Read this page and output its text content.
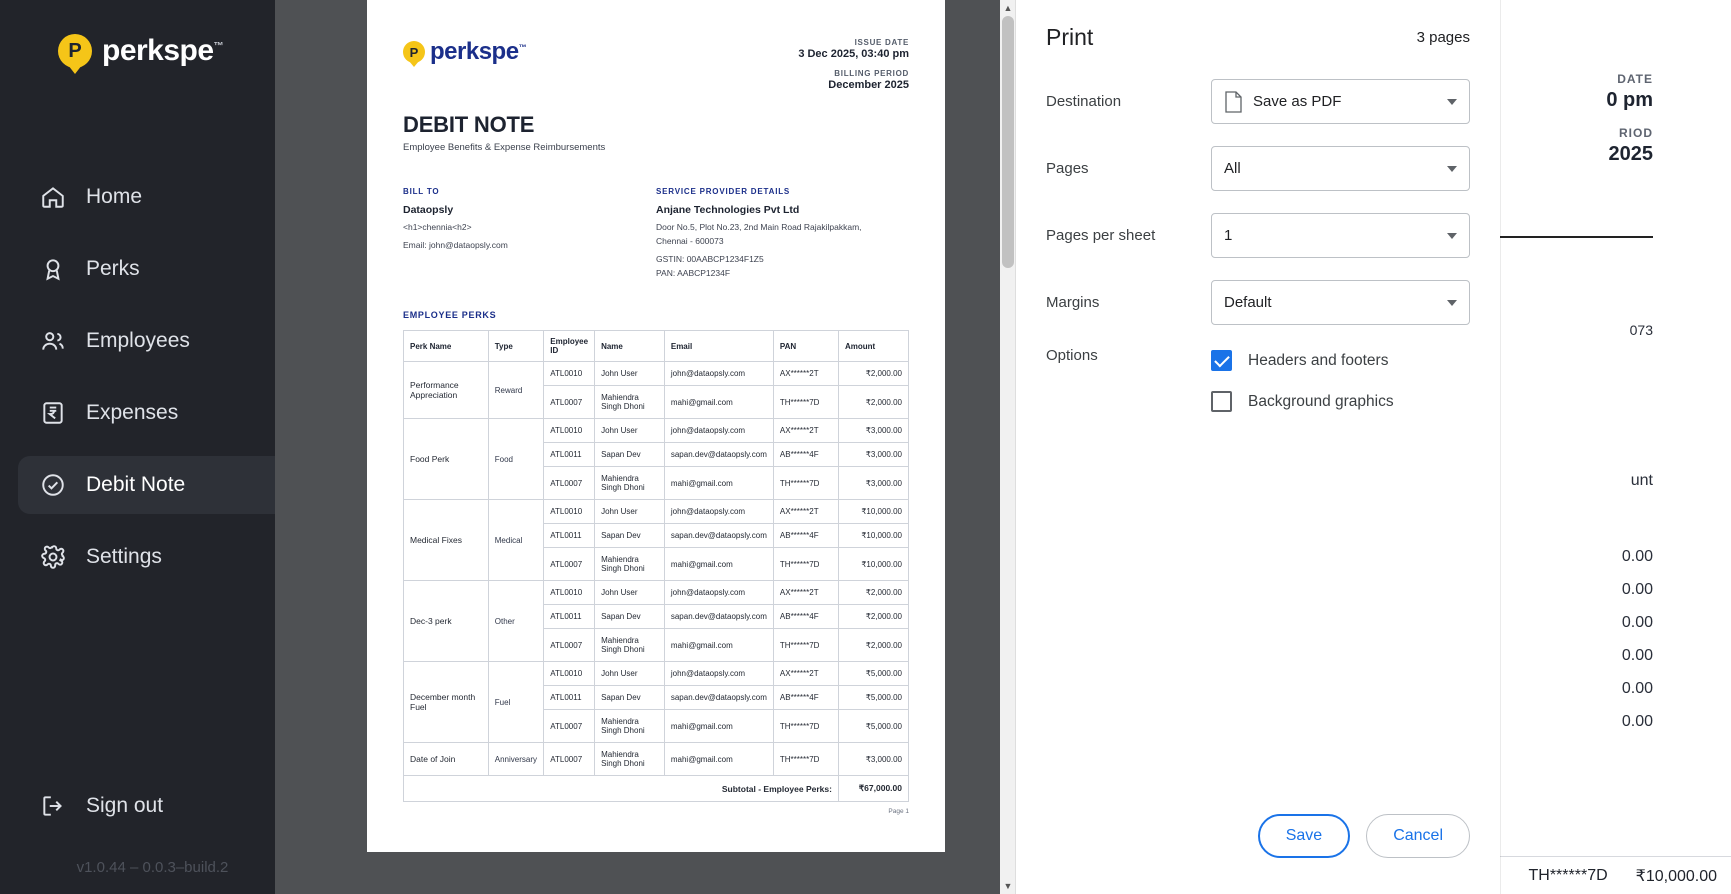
DATE
0 pm
RIOD
2025
073
unt
0.00
0.00
0.00
0.00
0.00
0.00
TH******7D	₹10,000.00
P perkspe™
Home
Perks
Employees
Expenses
Debit Note
Settings
Sign out
v1.0.44 – 0.0.3–build.2
P perkspe™
ISSUE DATE
3 Dec 2025, 03:40 pm
BILLING PERIOD
December 2025
DEBIT NOTE
Employee Benefits & Expense Reimbursements
BILL TO
Dataopsly
<h1>chennia<h2>
Email: john@dataopsly.com
SERVICE PROVIDER DETAILS
Anjane Technologies Pvt Ltd
Door No.5, Plot No.23, 2nd Main Road Rajakilpakkam,
Chennai - 600073
GSTIN: 00AABCP1234F1Z5
PAN: AABCP1234F
EMPLOYEE PERKS
Perk Name	Type	Employee ID	Name	Email	PAN	Amount
Performance Appreciation	Reward	ATL0010	John User	john@dataopsly.com	AX******2T	₹2,000.00
		ATL0007	Mahiendra Singh Dhoni	mahi@gmail.com	TH******7D	₹2,000.00
Food Perk	Food	ATL0010	John User	john@dataopsly.com	AX******2T	₹3,000.00
		ATL0011	Sapan Dev	sapan.dev@dataopsly.com	AB******4F	₹3,000.00
		ATL0007	Mahiendra Singh Dhoni	mahi@gmail.com	TH******7D	₹3,000.00
Medical Fixes	Medical	ATL0010	John User	john@dataopsly.com	AX******2T	₹10,000.00
		ATL0011	Sapan Dev	sapan.dev@dataopsly.com	AB******4F	₹10,000.00
		ATL0007	Mahiendra Singh Dhoni	mahi@gmail.com	TH******7D	₹10,000.00
Dec-3 perk	Other	ATL0010	John User	john@dataopsly.com	AX******2T	₹2,000.00
		ATL0011	Sapan Dev	sapan.dev@dataopsly.com	AB******4F	₹2,000.00
		ATL0007	Mahiendra Singh Dhoni	mahi@gmail.com	TH******7D	₹2,000.00
December month Fuel	Fuel	ATL0010	John User	john@dataopsly.com	AX******2T	₹5,000.00
		ATL0011	Sapan Dev	sapan.dev@dataopsly.com	AB******4F	₹5,000.00
		ATL0007	Mahiendra Singh Dhoni	mahi@gmail.com	TH******7D	₹5,000.00
Date of Join	Anniversary	ATL0007	Mahiendra Singh Dhoni	mahi@gmail.com	TH******7D	₹3,000.00
Subtotal - Employee Perks:						₹67,000.00
Page 1
▲
▼
Print	3 pages
Destination	Save as PDF
Pages	All
Pages per sheet	1
Margins	Default
Options	Headers and footers
Background graphics
Save	Cancel
